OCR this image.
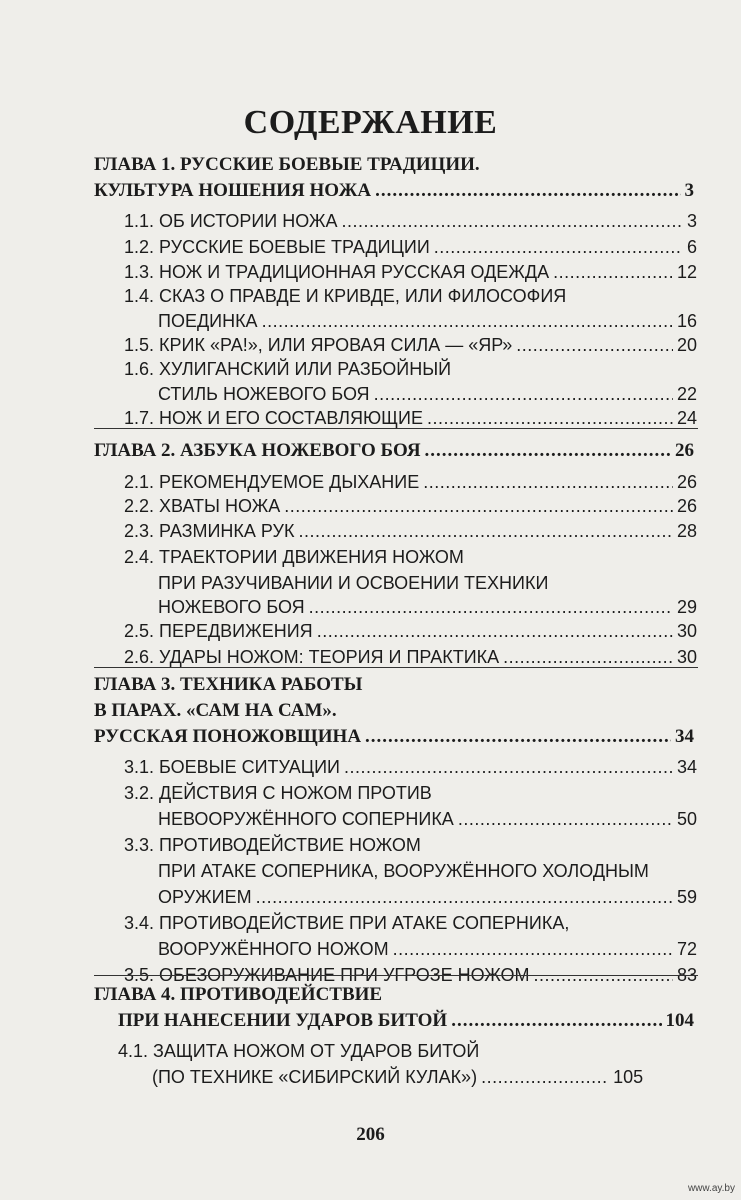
СОДЕРЖАНИЕ
ГЛАВА 1. РУССКИЕ БОЕВЫЕ ТРАДИЦИИ.
КУЛЬТУРА НОШЕНИЯ НОЖА .....	3
1.1. ОБ ИСТОРИИ НОЖА .....	3
1.2. РУССКИЕ БОЕВЫЕ ТРАДИЦИИ .....	6
1.3. НОЖ И ТРАДИЦИОННАЯ РУССКАЯ ОДЕЖДА .....	12
1.4. СКАЗ О ПРАВДЕ И КРИВДЕ, ИЛИ ФИЛОСОФИЯ
ПОЕДИНКА .....	16
1.5. КРИК «РА!», ИЛИ ЯРОВАЯ СИЛА — «ЯР» .....	20
1.6. ХУЛИГАНСКИЙ ИЛИ РАЗБОЙНЫЙ
СТИЛЬ НОЖЕВОГО БОЯ .....	22
1.7. НОЖ И ЕГО СОСТАВЛЯЮЩИЕ .....	24
ГЛАВА 2. АЗБУКА НОЖЕВОГО БОЯ .....	26
2.1. РЕКОМЕНДУЕМОЕ ДЫХАНИЕ .....	26
2.2. ХВАТЫ НОЖА .....	26
2.3. РАЗМИНКА РУК .....	28
2.4. ТРАЕКТОРИИ ДВИЖЕНИЯ НОЖОМ
ПРИ РАЗУЧИВАНИИ И ОСВОЕНИИ ТЕХНИКИ
НОЖЕВОГО БОЯ .....	29
2.5. ПЕРЕДВИЖЕНИЯ .....	30
2.6. УДАРЫ НОЖОМ: ТЕОРИЯ И ПРАКТИКА .....	30
ГЛАВА 3. ТЕХНИКА РАБОТЫ
В ПАРАХ. «САМ НА САМ».
РУССКАЯ ПОНОЖОВЩИНА .....	34
3.1. БОЕВЫЕ СИТУАЦИИ .....	34
3.2. ДЕЙСТВИЯ С НОЖОМ ПРОТИВ
НЕВООРУЖЁННОГО СОПЕРНИКА .....	50
3.3. ПРОТИВОДЕЙСТВИЕ НОЖОМ
ПРИ АТАКЕ СОПЕРНИКА, ВООРУЖЁННОГО ХОЛОДНЫМ
ОРУЖИЕМ .....	59
3.4. ПРОТИВОДЕЙСТВИЕ ПРИ АТАКЕ СОПЕРНИКА,
ВООРУЖЁННОГО НОЖОМ .....	72
3.5. ОБЕЗОРУЖИВАНИЕ ПРИ УГРОЗЕ НОЖОМ .....	83
ГЛАВА 4. ПРОТИВОДЕЙСТВИЕ
ПРИ НАНЕСЕНИИ УДАРОВ БИТОЙ .....	104
4.1. ЗАЩИТА НОЖОМ ОТ УДАРОВ БИТОЙ
(ПО ТЕХНИКЕ «СИБИРСКИЙ КУЛАК») .....	105
206
www.ay.by
